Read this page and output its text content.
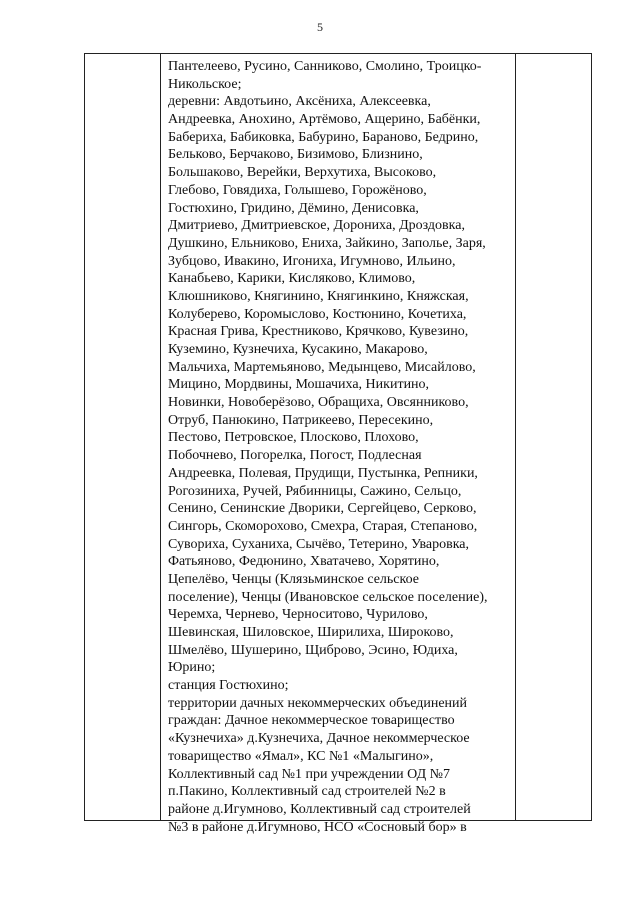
5
Пантелеево, Русино, Санниково, Смолино, Троицко-
Никольское;
деревни: Авдотьино, Аксёниха, Алексеевка,
Андреевка, Анохино, Артёмово, Ащерино, Бабёнки,
Бабериха, Бабиковка, Бабурино, Бараново, Бедрино,
Бельково, Берчаково, Бизимово, Близнино,
Большаково, Верейки, Верхутиха, Высоково,
Глебово, Говядиха, Голышево, Горожёново,
Гостюхино, Гридино, Дёмино, Денисовка,
Дмитриево, Дмитриевское, Дорониха, Дроздовка,
Душкино, Ельниково, Ениха, Зайкино, Заполье, Заря,
Зубцово, Ивакино, Игониха, Игумново, Ильино,
Канабьево, Карики, Кисляково, Климово,
Клюшниково, Княгинино, Княгинкино, Княжская,
Колуберево, Коромыслово, Костюнино, Кочетиха,
Красная Грива, Крестниково, Крячково, Кувезино,
Куземино, Кузнечиха, Кусакино, Макарово,
Мальчиха, Мартемьяново, Медынцево, Мисайлово,
Мицино, Мордвины, Мошачиха, Никитино,
Новинки, Новоберёзово, Обращиха, Овсянниково,
Отруб, Панюкино, Патрикеево, Пересекино,
Пестово, Петровское, Плосково, Плохово,
Побочнево, Погорелка, Погост, Подлесная
Андреевка, Полевая, Прудищи, Пустынка, Репники,
Рогозиниха, Ручей, Рябинницы, Сажино, Сельцо,
Сенино, Сенинские Дворики, Сергейцево, Серково,
Сингорь, Скоморохово, Смехра, Старая, Степаново,
Сувориха, Суханиха, Сычёво, Тетерино, Уваровка,
Фатьяново, Федюнино, Хватачево, Хорятино,
Цепелёво, Ченцы (Клязьминское сельское
поселение), Ченцы (Ивановское сельское поселение),
Черемха, Чернево, Черноситово, Чурилово,
Шевинская, Шиловское, Ширилиха, Широково,
Шмелёво, Шушерино, Щиброво, Эсино, Юдиха,
Юрино;
станция Гостюхино;
территории дачных некоммерческих объединений
граждан: Дачное некоммерческое товарищество
«Кузнечиха» д.Кузнечиха, Дачное некоммерческое
товарищество «Ямал», КС №1 «Малыгино»,
Коллективный сад №1 при учреждении ОД №7
п.Пакино, Коллективный сад строителей №2 в
районе д.Игумново, Коллективный сад строителей
№3 в районе д.Игумново, НСО «Сосновый бор» в
